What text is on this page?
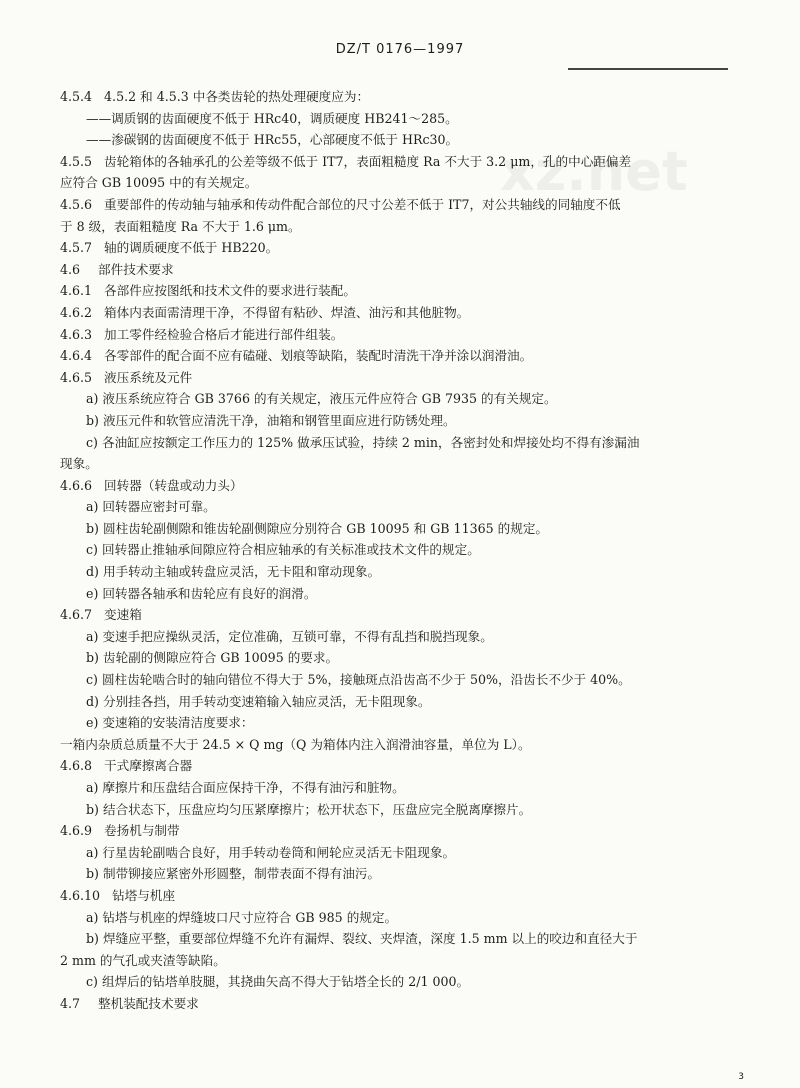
DZ/T 0176—1997
xz.net
4.5.4 4.5.2 和 4.5.3 中各类齿轮的热处理硬度应为：
——调质钢的齿面硬度不低于 HRc40，调质硬度 HB241～285。
——渗碳钢的齿面硬度不低于 HRc55，心部硬度不低于 HRc30。
4.5.5 齿轮箱体的各轴承孔的公差等级不低于 IT7，表面粗糙度 Ra 不大于 3.2 μm，孔的中心距偏差
应符合 GB 10095 中的有关规定。
4.5.6 重要部件的传动轴与轴承和传动件配合部位的尺寸公差不低于 IT7，对公共轴线的同轴度不低
于 8 级，表面粗糙度 Ra 不大于 1.6 μm。
4.5.7 轴的调质硬度不低于 HB220。
4.6 部件技术要求
4.6.1 各部件应按图纸和技术文件的要求进行装配。
4.6.2 箱体内表面需清理干净，不得留有粘砂、焊渣、油污和其他脏物。
4.6.3 加工零件经检验合格后才能进行部件组装。
4.6.4 各零部件的配合面不应有磕碰、划痕等缺陷，装配时清洗干净并涂以润滑油。
4.6.5 液压系统及元件
a) 液压系统应符合 GB 3766 的有关规定，液压元件应符合 GB 7935 的有关规定。
b) 液压元件和软管应清洗干净，油箱和钢管里面应进行防锈处理。
c) 各油缸应按额定工作压力的 125% 做承压试验，持续 2 min，各密封处和焊接处均不得有渗漏油
现象。
4.6.6 回转器（转盘或动力头）
a) 回转器应密封可靠。
b) 圆柱齿轮副侧隙和锥齿轮副侧隙应分别符合 GB 10095 和 GB 11365 的规定。
c) 回转器止推轴承间隙应符合相应轴承的有关标准或技术文件的规定。
d) 用手转动主轴或转盘应灵活，无卡阻和窜动现象。
e) 回转器各轴承和齿轮应有良好的润滑。
4.6.7 变速箱
a) 变速手把应操纵灵活，定位准确，互锁可靠，不得有乱挡和脱挡现象。
b) 齿轮副的侧隙应符合 GB 10095 的要求。
c) 圆柱齿轮啮合时的轴向错位不得大于 5%，接触斑点沿齿高不少于 50%，沿齿长不少于 40%。
d) 分别挂各挡，用手转动变速箱输入轴应灵活，无卡阻现象。
e) 变速箱的安装清洁度要求：
一箱内杂质总质量不大于 24.5 × Q mg（Q 为箱体内注入润滑油容量，单位为 L）。
4.6.8 干式摩擦离合器
a) 摩擦片和压盘结合面应保持干净，不得有油污和脏物。
b) 结合状态下，压盘应均匀压紧摩擦片；松开状态下，压盘应完全脱离摩擦片。
4.6.9 卷扬机与制带
a) 行星齿轮副啮合良好，用手转动卷筒和闸轮应灵活无卡阻现象。
b) 制带铆接应紧密外形圆整，制带表面不得有油污。
4.6.10 钻塔与机座
a) 钻塔与机座的焊缝坡口尺寸应符合 GB 985 的规定。
b) 焊缝应平整，重要部位焊缝不允许有漏焊、裂纹、夹焊渣，深度 1.5 mm 以上的咬边和直径大于
2 mm 的气孔或夹渣等缺陷。
c) 组焊后的钻塔单肢腿，其挠曲矢高不得大于钻塔全长的 2/1 000。
4.7 整机装配技术要求
3
